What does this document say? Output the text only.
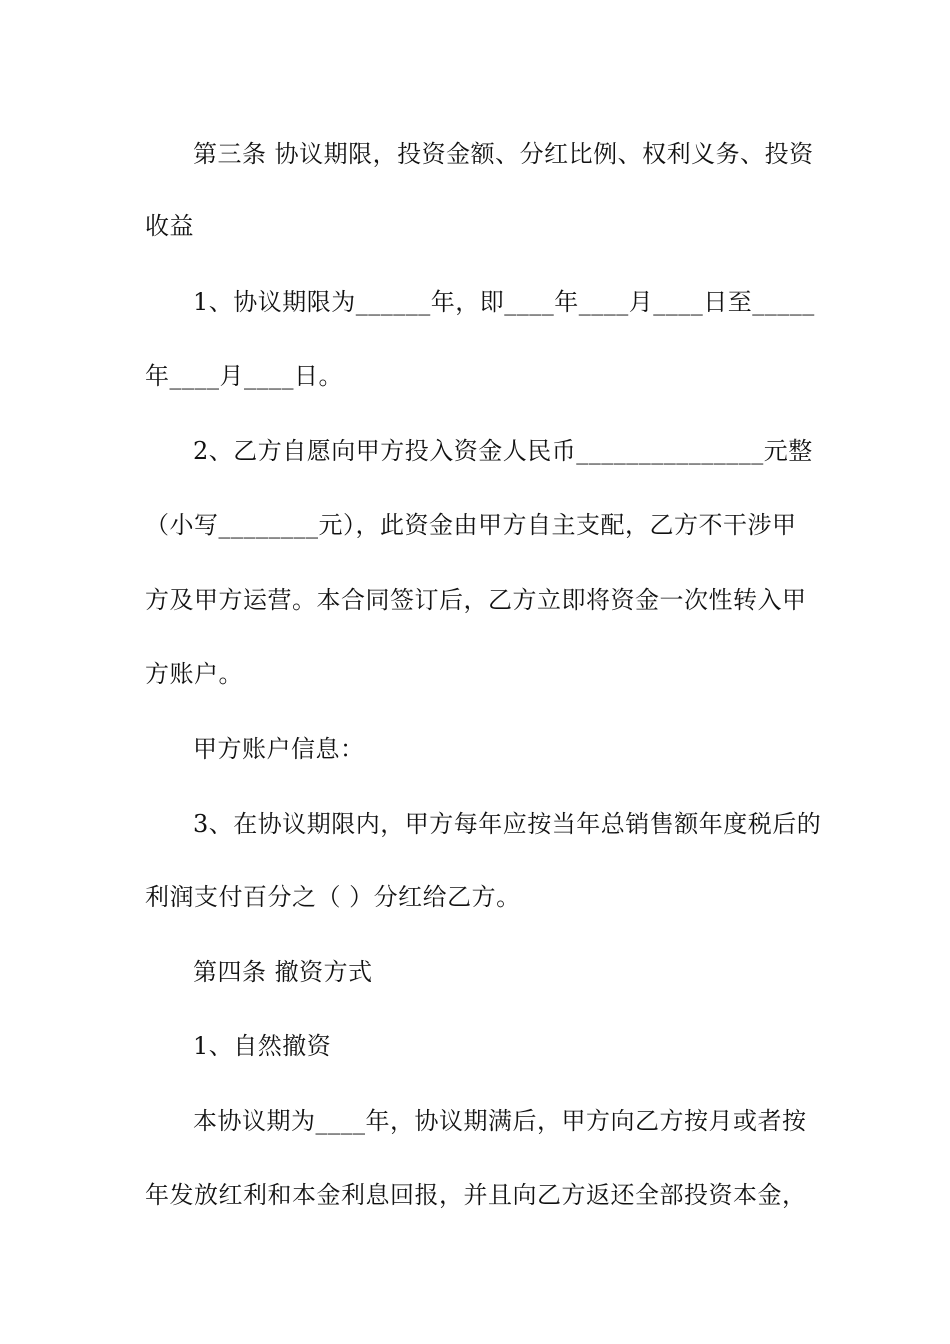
第三条 协议期限，投资金额、分红比例、权利义务、投资
收益
1、协议期限为______年，即____年____月____日至_____
年____月____日。
2、乙方自愿向甲方投入资金人民币_______________元整
（小写________元），此资金由甲方自主支配，乙方不干涉甲
方及甲方运营。本合同签订后，乙方立即将资金一次性转入甲
方账户。
甲方账户信息：
3、在协议期限内，甲方每年应按当年总销售额年度税后的
利润支付百分之（ ）分红给乙方。
第四条 撤资方式
1、自然撤资
本协议期为____年，协议期满后，甲方向乙方按月或者按
年发放红利和本金利息回报，并且向乙方返还全部投资本金，
